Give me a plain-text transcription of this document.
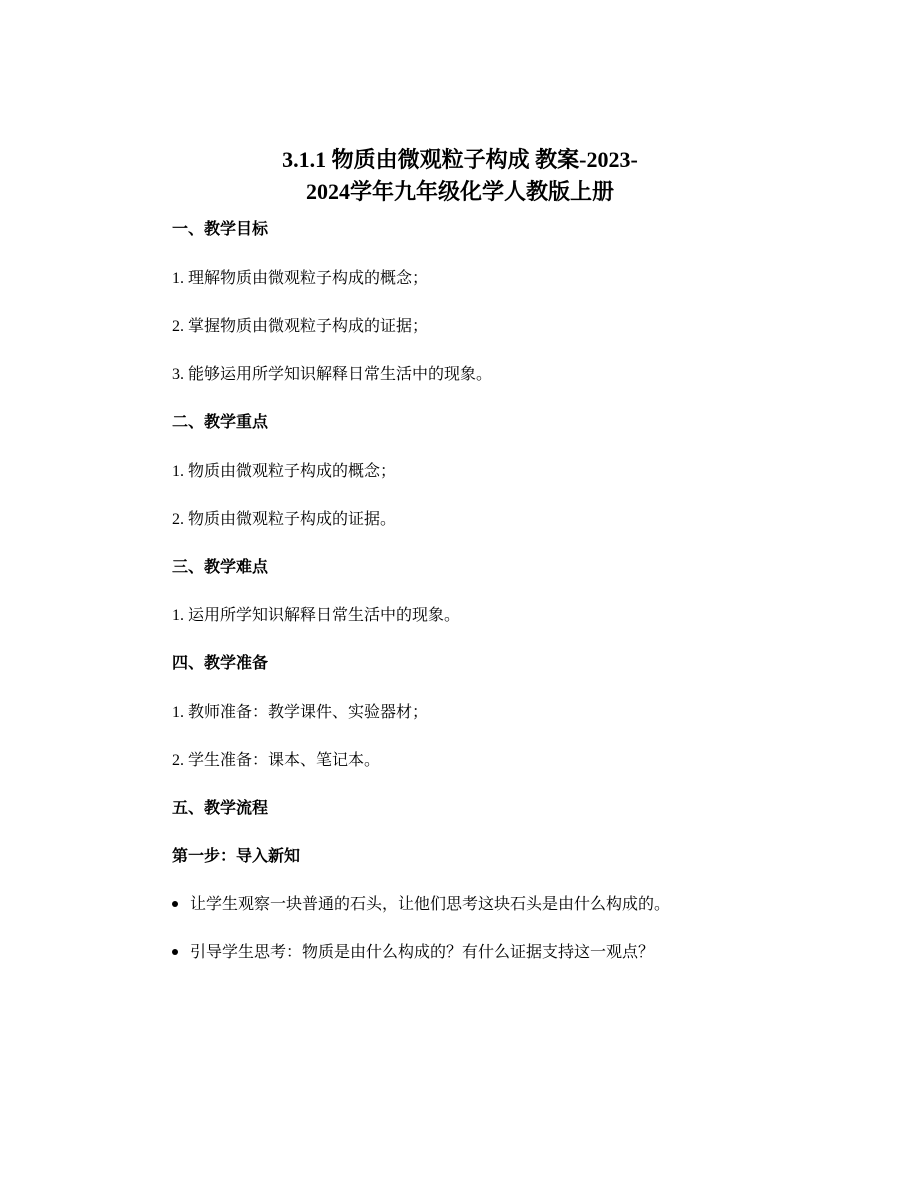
3.1.1 物质由微观粒子构成 教案-2023-
2024学年九年级化学人教版上册
一、教学目标
1. 理解物质由微观粒子构成的概念；
2. 掌握物质由微观粒子构成的证据；
3. 能够运用所学知识解释日常生活中的现象。
二、教学重点
1. 物质由微观粒子构成的概念；
2. 物质由微观粒子构成的证据。
三、教学难点
1. 运用所学知识解释日常生活中的现象。
四、教学准备
1. 教师准备：教学课件、实验器材；
2. 学生准备：课本、笔记本。
五、教学流程
第一步：导入新知
让学生观察一块普通的石头，让他们思考这块石头是由什么构成的。
引导学生思考：物质是由什么构成的？有什么证据支持这一观点？
